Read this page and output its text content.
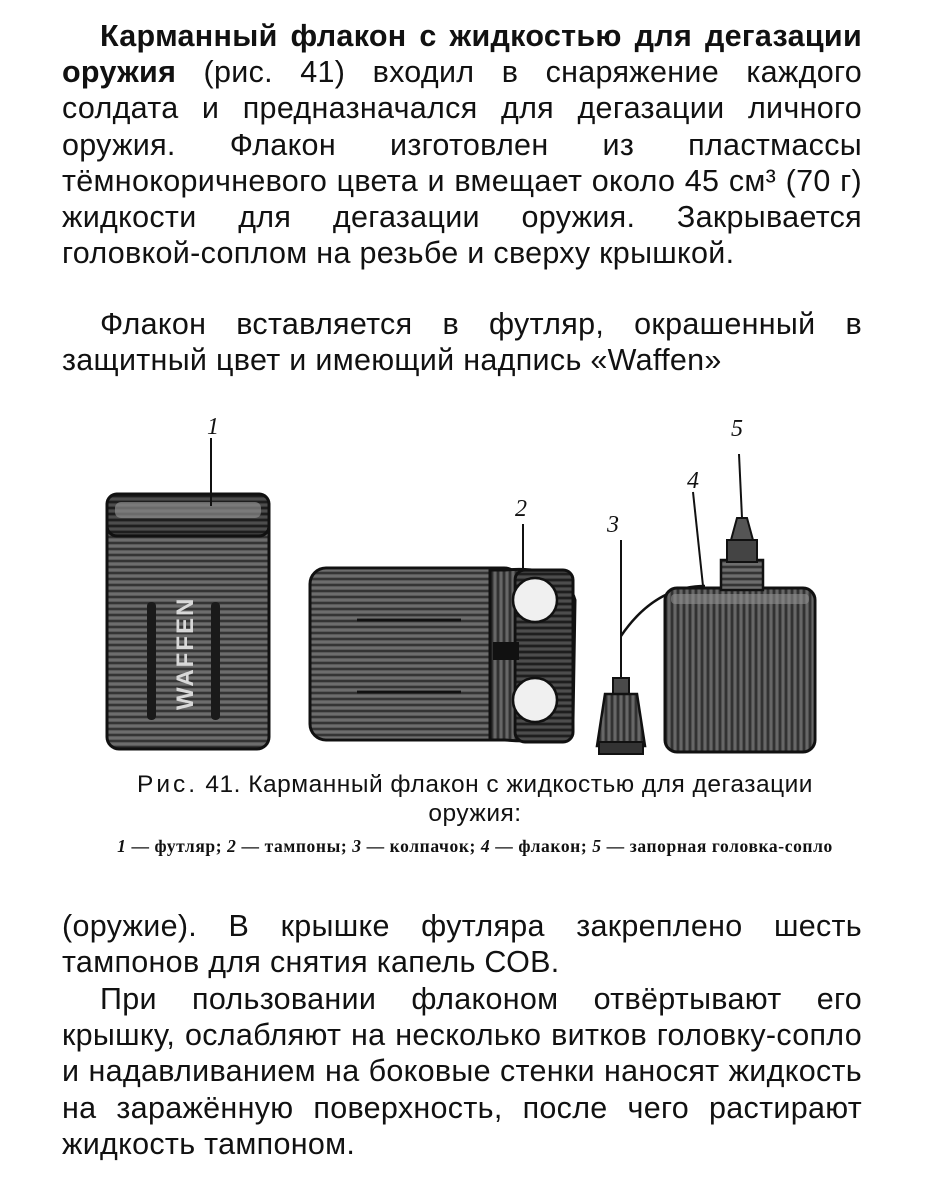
Карманный флакон с жидкостью для дегазации оружия (рис. 41) входил в снаряжение каждого солдата и предназначался для дегазации личного оружия. Флакон изготовлен из пластмассы тёмнокоричневого цвета и вмещает около 45 см³ (70 г) жидкости для дегазации оружия. Закрывается головкой-соплом на резьбе и сверху крышкой.

Флакон вставляется в футляр, окрашенный в защитный цвет и имеющий надпись «Waffen»

WAFFEN
1
2
3
4
5

Рис. 41. Карманный флакон с жидкостью для дегазации оружия:

1 — футляр; 2 — тампоны; 3 — колпачок; 4 — флакон; 5 — запорная головка-сопло

(оружие). В крышке футляра закреплено шесть тампонов для снятия капель СОВ.

При пользовании флаконом отвёртывают его крышку, ослабляют на несколько витков головку-сопло и надавливанием на боковые стенки наносят жидкость на заражённую поверхность, после чего растирают жидкость тампоном.
